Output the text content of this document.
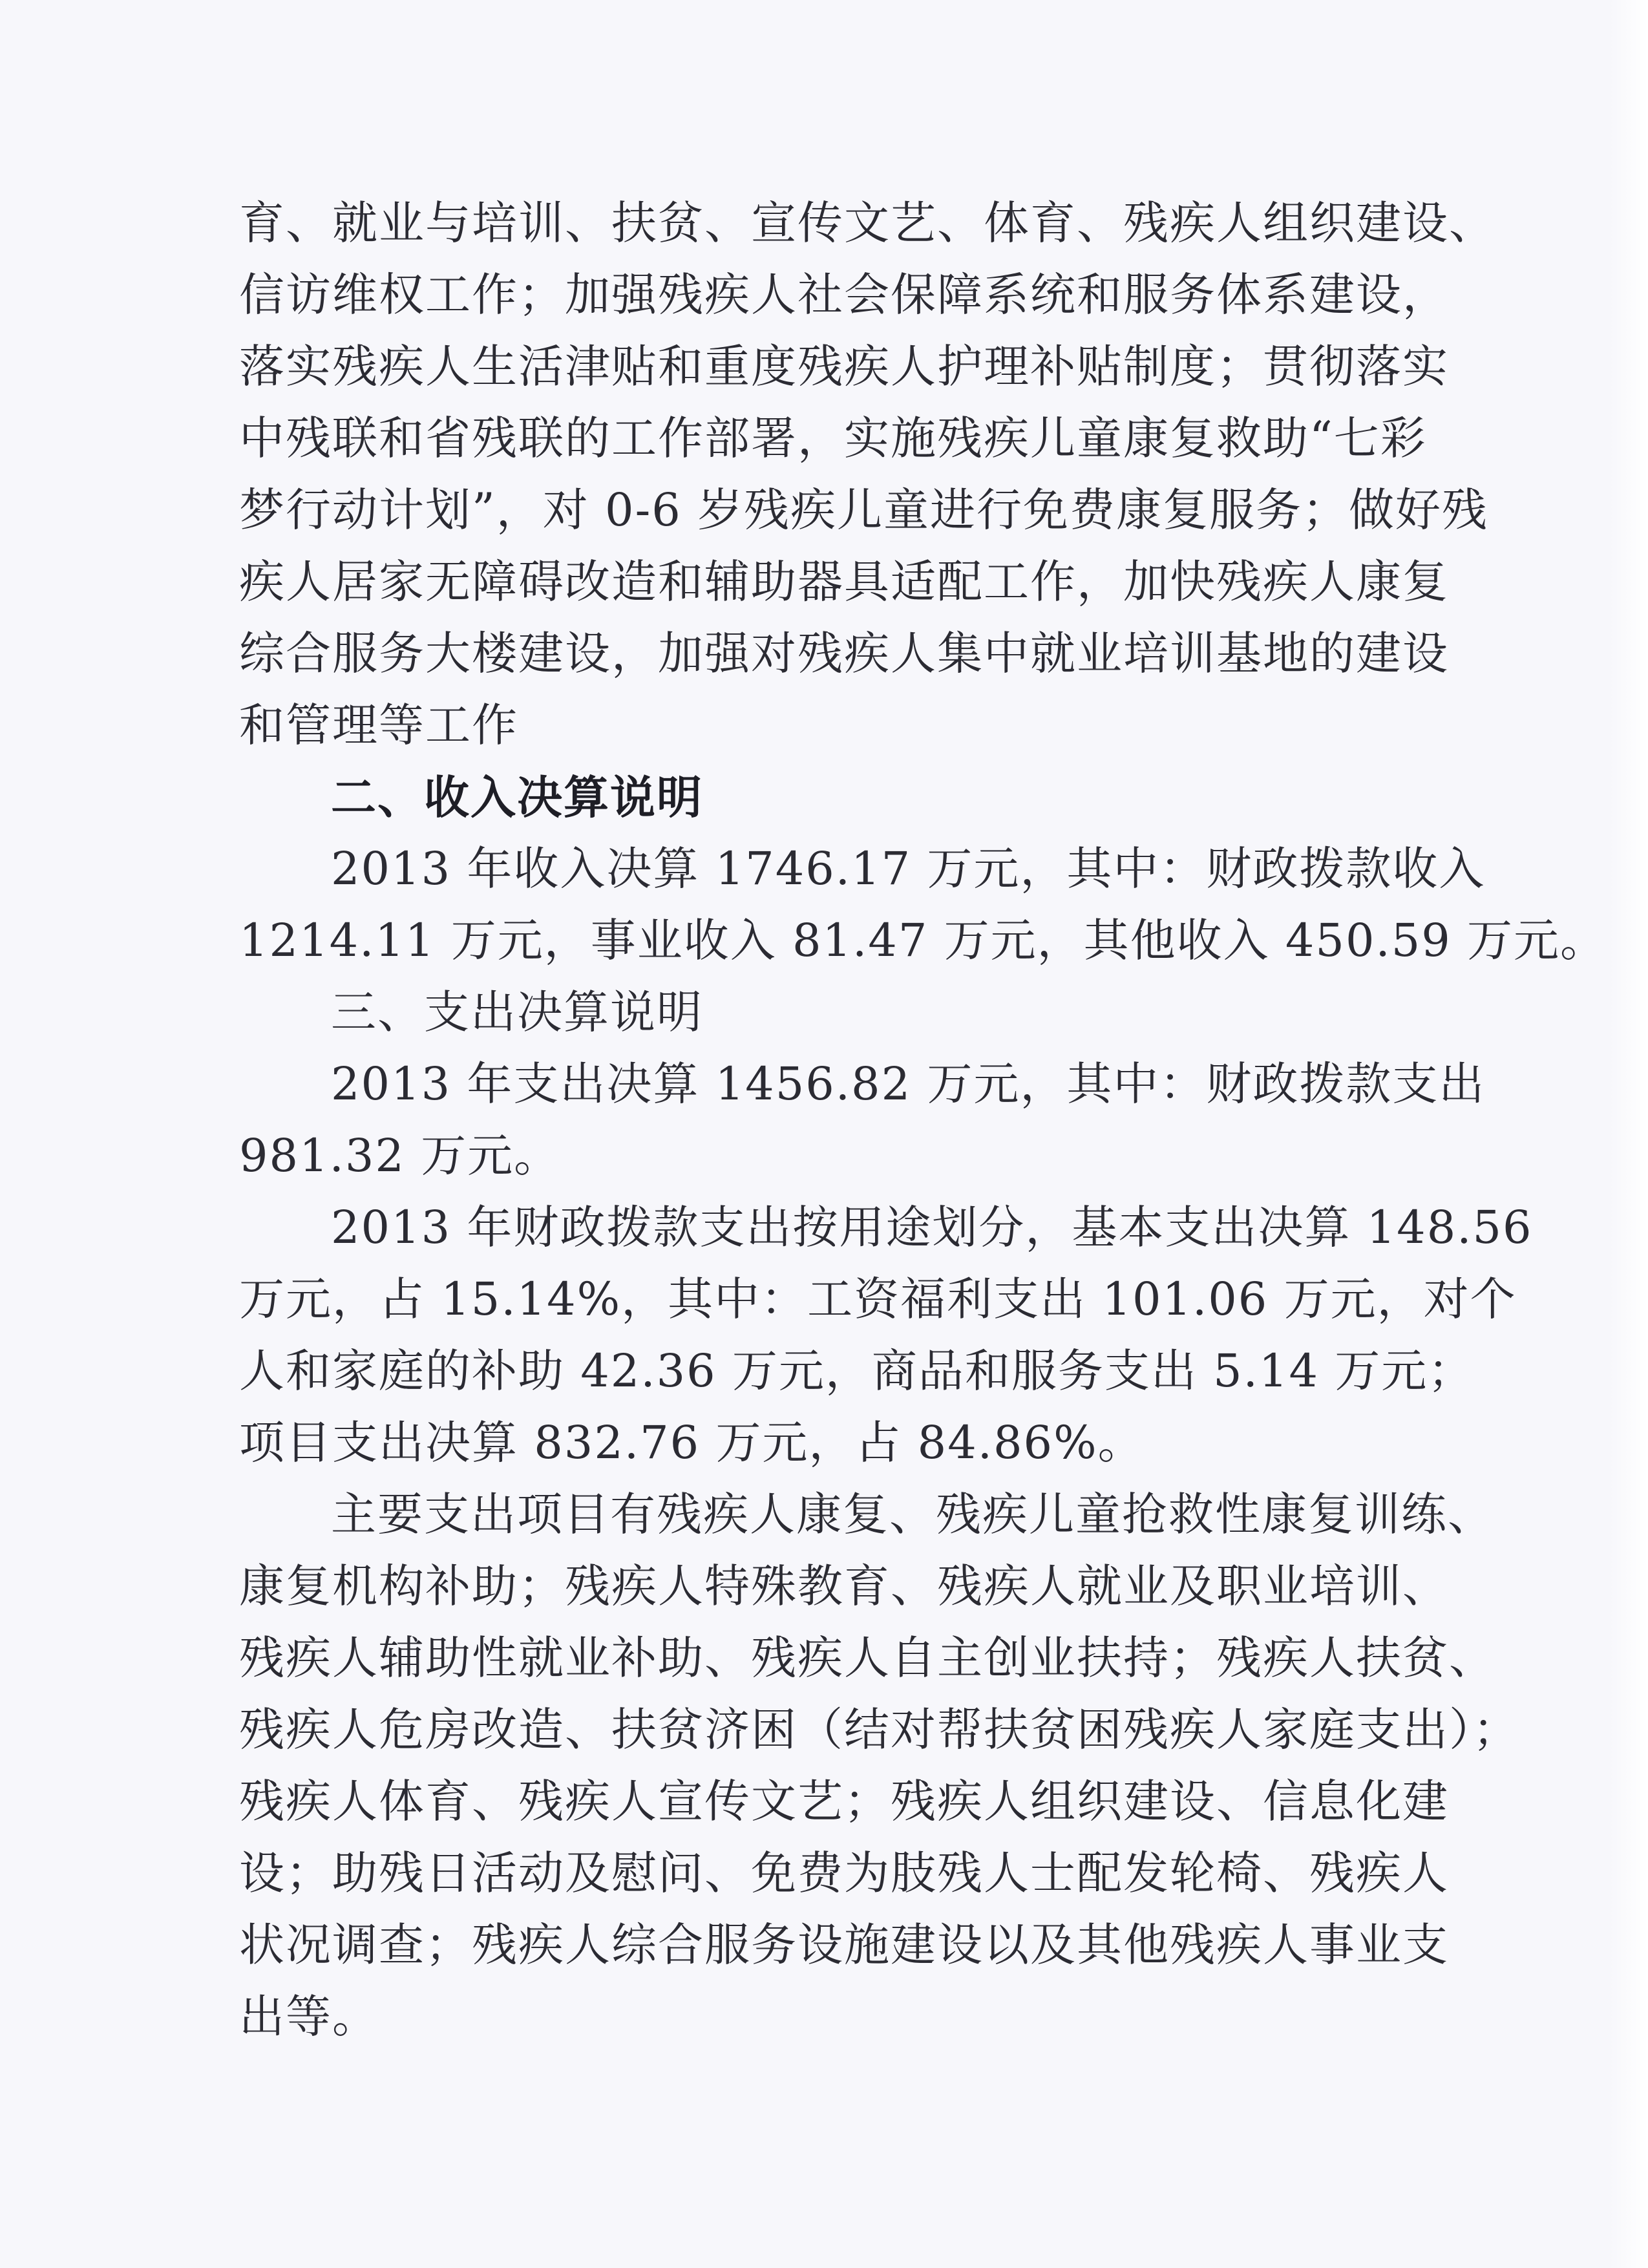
育、就业与培训、扶贫、宣传文艺、体育、残疾人组织建设、
信访维权工作；加强残疾人社会保障系统和服务体系建设，
落实残疾人生活津贴和重度残疾人护理补贴制度；贯彻落实
中残联和省残联的工作部署，实施残疾儿童康复救助“七彩
梦行动计划”，对 0-6 岁残疾儿童进行免费康复服务；做好残
疾人居家无障碍改造和辅助器具适配工作，加快残疾人康复
综合服务大楼建设，加强对残疾人集中就业培训基地的建设
和管理等工作
二、收入决算说明
2013 年收入决算 1746.17 万元，其中：财政拨款收入
1214.11 万元，事业收入 81.47 万元，其他收入 450.59 万元。
三、支出决算说明
2013 年支出决算 1456.82 万元，其中：财政拨款支出
981.32 万元。
2013 年财政拨款支出按用途划分，基本支出决算 148.56
万元，占 15.14%，其中：工资福利支出 101.06 万元，对个
人和家庭的补助 42.36 万元，商品和服务支出 5.14 万元；
项目支出决算 832.76 万元，占 84.86%。
主要支出项目有残疾人康复、残疾儿童抢救性康复训练、
康复机构补助；残疾人特殊教育、残疾人就业及职业培训、
残疾人辅助性就业补助、残疾人自主创业扶持；残疾人扶贫、
残疾人危房改造、扶贫济困（结对帮扶贫困残疾人家庭支出）；
残疾人体育、残疾人宣传文艺；残疾人组织建设、信息化建
设；助残日活动及慰问、免费为肢残人士配发轮椅、残疾人
状况调查；残疾人综合服务设施建设以及其他残疾人事业支
出等。
